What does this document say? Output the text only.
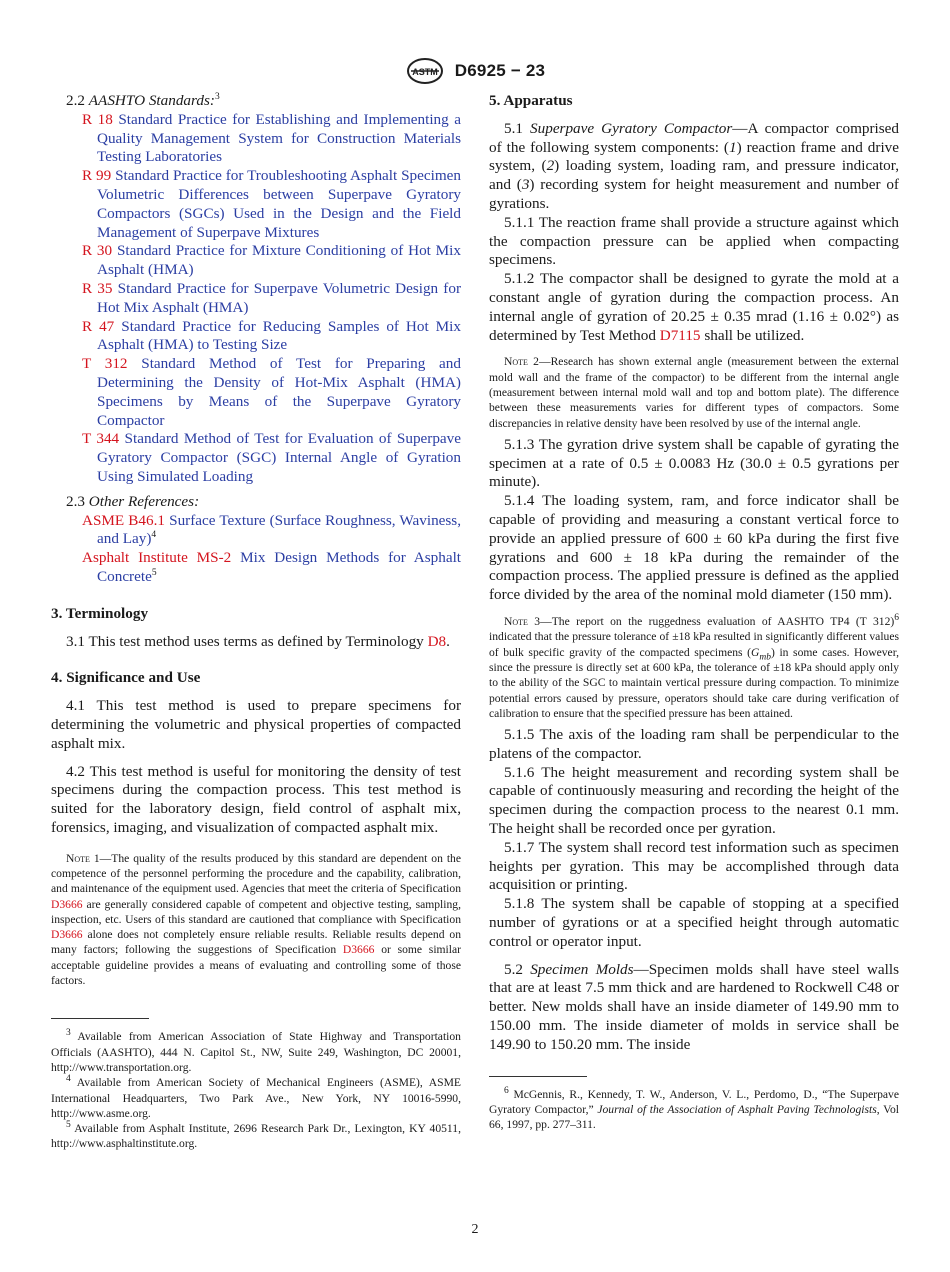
ASTM D6925 − 23

2.2 AASHTO Standards:$^3$

R 18 Standard Practice for Establishing and Implementing a Quality Management System for Construction Materials Testing Laboratories

R 99 Standard Practice for Troubleshooting Asphalt Specimen Volumetric Differences between Superpave Gyratory Compactors (SGCs) Used in the Design and the Field Management of Superpave Mixtures

R 30 Standard Practice for Mixture Conditioning of Hot Mix Asphalt (HMA)

R 35 Standard Practice for Superpave Volumetric Design for Hot Mix Asphalt (HMA)

R 47 Standard Practice for Reducing Samples of Hot Mix Asphalt (HMA) to Testing Size

T 312 Standard Method of Test for Preparing and Determining the Density of Hot-Mix Asphalt (HMA) Specimens by Means of the Superpave Gyratory Compactor

T 344 Standard Method of Test for Evaluation of Superpave Gyratory Compactor (SGC) Internal Angle of Gyration Using Simulated Loading

2.3 Other References:

ASME B46.1 Surface Texture (Surface Roughness, Waviness, and Lay)$^4$

Asphalt Institute MS-2 Mix Design Methods for Asphalt Concrete$^5$

3. Terminology

3.1 This test method uses terms as defined by Terminology D8.

4. Significance and Use

4.1 This test method is used to prepare specimens for determining the volumetric and physical properties of compacted asphalt mix.

4.2 This test method is useful for monitoring the density of test specimens during the compaction process. This test method is suited for the laboratory design, field control of asphalt mix, forensics, imaging, and visualization of compacted asphalt mix.

Note 1—The quality of the results produced by this standard are dependent on the competence of the personnel performing the procedure and the capability, calibration, and maintenance of the equipment used. Agencies that meet the criteria of Specification D3666 are generally considered capable of competent and objective testing, sampling, inspection, etc. Users of this standard are cautioned that compliance with Specification D3666 alone does not completely ensure reliable results. Reliable results depend on many factors; following the suggestions of Specification D3666 or some similar acceptable guideline provides a means of evaluating and controlling some of those factors.

$^3$ Available from American Association of State Highway and Transportation Officials (AASHTO), 444 N. Capitol St., NW, Suite 249, Washington, DC 20001, http://www.transportation.org.

$^4$ Available from American Society of Mechanical Engineers (ASME), ASME International Headquarters, Two Park Ave., New York, NY 10016-5990, http://www.asme.org.

$^5$ Available from Asphalt Institute, 2696 Research Park Dr., Lexington, KY 40511, http://www.asphaltinstitute.org.

5. Apparatus

5.1 Superpave Gyratory Compactor—A compactor comprised of the following system components: (1) reaction frame and drive system, (2) loading system, loading ram, and pressure indicator, and (3) recording system for height measurement and number of gyrations.

5.1.1 The reaction frame shall provide a structure against which the compaction pressure can be applied when compacting specimens.

5.1.2 The compactor shall be designed to gyrate the mold at a constant angle of gyration during the compaction process. An internal angle of gyration of 20.25 ± 0.35 mrad (1.16 ± 0.02°) as determined by Test Method D7115 shall be utilized.

Note 2—Research has shown external angle (measurement between the external mold wall and the frame of the compactor) to be different from the internal angle (measurement between internal mold wall and top and bottom plate). The difference between these measurements varies for different types of compactors. Some discrepancies in relative density have been resolved by use of the internal angle.

5.1.3 The gyration drive system shall be capable of gyrating the specimen at a rate of 0.5 ± 0.0083 Hz (30.0 ± 0.5 gyrations per minute).

5.1.4 The loading system, ram, and force indicator shall be capable of providing and measuring a constant vertical force to provide an applied pressure of 600 ± 60 kPa during the first five gyrations and 600 ± 18 kPa during the remainder of the compaction process. The applied pressure is defined as the applied force divided by the area of the nominal mold diameter (150 mm).

Note 3—The report on the ruggedness evaluation of AASHTO TP4 (T 312)$^6$ indicated that the pressure tolerance of ±18 kPa resulted in significantly different values of bulk specific gravity of the compacted specimens $(G_{mb})$ in some cases. However, since the pressure is directly set at 600 kPa, the tolerance of ±18 kPa should apply only to the ability of the SGC to maintain vertical pressure during compaction. To minimize potential errors caused by pressure, operators should take care during verification of calibration to ensure that the specified pressure has been attained.

5.1.5 The axis of the loading ram shall be perpendicular to the platens of the compactor.

5.1.6 The height measurement and recording system shall be capable of continuously measuring and recording the height of the specimen during the compaction process to the nearest 0.1 mm. The height shall be recorded once per gyration.

5.1.7 The system shall record test information such as specimen heights per gyration. This may be accomplished through data acquisition or printing.

5.1.8 The system shall be capable of stopping at a specified number of gyrations or at a specified height through automatic control or operator input.

5.2 Specimen Molds—Specimen molds shall have steel walls that are at least 7.5 mm thick and are hardened to Rockwell C48 or better. New molds shall have an inside diameter of 149.90 mm to 150.00 mm. The inside diameter of molds in service shall be 149.90 to 150.20 mm. The inside

$^6$ McGennis, R., Kennedy, T. W., Anderson, V. L., Perdomo, D., “The Superpave Gyratory Compactor,” Journal of the Association of Asphalt Paving Technologists, Vol 66, 1997, pp. 277–311.

2
